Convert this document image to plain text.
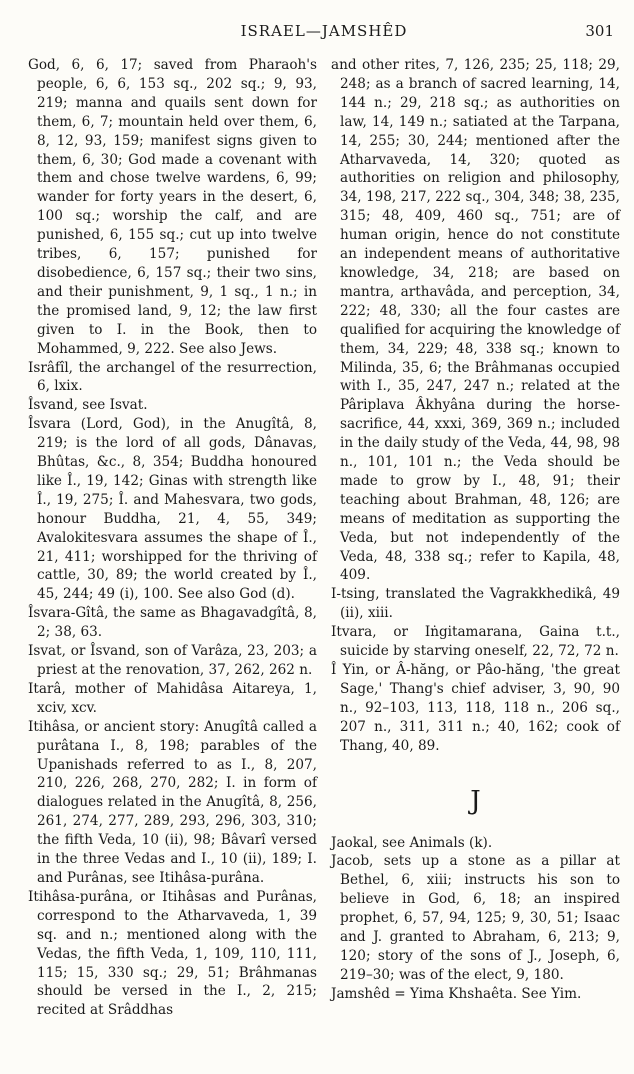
ISRAEL—JAMSHÊD	301

God, 6, 6, 17; saved from Pharaoh's people, 6, 6, 153 sq., 202 sq.; 9, 93, 219; manna and quails sent down for them, 6, 7; mountain held over them, 6, 8, 12, 93, 159; manifest signs given to them, 6, 30; God made a covenant with them and chose twelve wardens, 6, 99; wander for forty years in the desert, 6, 100 sq.; worship the calf, and are punished, 6, 155 sq.; cut up into twelve tribes, 6, 157; punished for disobedience, 6, 157 sq.; their two sins, and their punishment, 9, 1 sq., 1 n.; in the promised land, 9, 12; the law first given to I. in the Book, then to Mohammed, 9, 222. See also Jews.

Isrâfîl, the archangel of the resurrection, 6, lxix.

Îsvand, see Isvat.

Îsvara (Lord, God), in the Anugîtâ, 8, 219; is the lord of all gods, Dânavas, Bhûtas, &c., 8, 354; Buddha honoured like Î., 19, 142; Ginas with strength like Î., 19, 275; Î. and Mahesvara, two gods, honour Buddha, 21, 4, 55, 349; Avalokitesvara assumes the shape of Î., 21, 411; worshipped for the thriving of cattle, 30, 89; the world created by Î., 45, 244; 49 (i), 100. See also God (d).

Îsvara-Gîtâ, the same as Bhagavadgîtâ, 8, 2; 38, 63.

Isvat, or Îsvand, son of Varâza, 23, 203; a priest at the renovation, 37, 262, 262 n.

Itarâ, mother of Mahidâsa Aitareya, 1, xciv, xcv.

Itihâsa, or ancient story: Anugîtâ called a purâtana I., 8, 198; parables of the Upanishads referred to as I., 8, 207, 210, 226, 268, 270, 282; I. in form of dialogues related in the Anugîtâ, 8, 256, 261, 274, 277, 289, 293, 296, 303, 310; the fifth Veda, 10 (ii), 98; Bâvarî versed in the three Vedas and I., 10 (ii), 189; I. and Purânas, see Itihâsa-purâna.

Itihâsa-purâna, or Itihâsas and Purânas, correspond to the Atharvaveda, 1, 39 sq. and n.; mentioned along with the Vedas, the fifth Veda, 1, 109, 110, 111, 115; 15, 330 sq.; 29, 51; Brâhmanas should be versed in the I., 2, 215; recited at Srâddhas

and other rites, 7, 126, 235; 25, 118; 29, 248; as a branch of sacred learning, 14, 144 n.; 29, 218 sq.; as authorities on law, 14, 149 n.; satiated at the Tarpana, 14, 255; 30, 244; mentioned after the Atharvaveda, 14, 320; quoted as authorities on religion and philosophy, 34, 198, 217, 222 sq., 304, 348; 38, 235, 315; 48, 409, 460 sq., 751; are of human origin, hence do not constitute an independent means of authoritative knowledge, 34, 218; are based on mantra, arthavâda, and perception, 34, 222; 48, 330; all the four castes are qualified for acquiring the knowledge of them, 34, 229; 48, 338 sq.; known to Milinda, 35, 6; the Brâhmanas occupied with I., 35, 247, 247 n.; related at the Pâriplava Âkhyâna during the horse-sacrifice, 44, xxxi, 369, 369 n.; included in the daily study of the Veda, 44, 98, 98 n., 101, 101 n.; the Veda should be made to grow by I., 48, 91; their teaching about Brahman, 48, 126; are means of meditation as supporting the Veda, but not independently of the Veda, 48, 338 sq.; refer to Kapila, 48, 409.

I-tsing, translated the Vagrakkhedikâ, 49 (ii), xiii.

Itvara, or Iṅgitamarana, Gaina t.t., suicide by starving oneself, 22, 72, 72 n.

Î Yin, or Â-hăng, or Pâo-hăng, 'the great Sage,' Thang's chief adviser, 3, 90, 90 n., 92–103, 113, 118, 118 n., 206 sq., 207 n., 311, 311 n.; 40, 162; cook of Thang, 40, 89.

J

Jaokal, see Animals (k).

Jacob, sets up a stone as a pillar at Bethel, 6, xiii; instructs his son to believe in God, 6, 18; an inspired prophet, 6, 57, 94, 125; 9, 30, 51; Isaac and J. granted to Abraham, 6, 213; 9, 120; story of the sons of J., Joseph, 6, 219–30; was of the elect, 9, 180.

Jamshêd = Yima Khshaêta. See Yim.
